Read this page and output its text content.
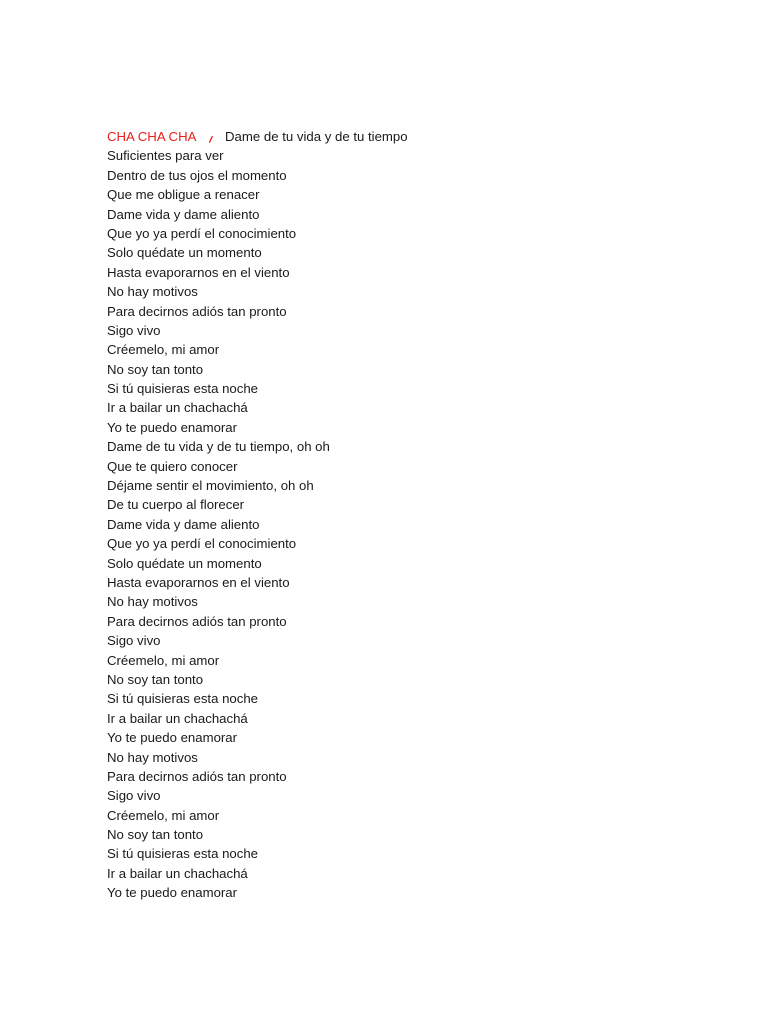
CHA CHA CHA ⸝ Dame de tu vida y de tu tiempo
Suficientes para ver
Dentro de tus ojos el momento
Que me obligue a renacer
Dame vida y dame aliento
Que yo ya perdí el conocimiento
Solo quédate un momento
Hasta evaporarnos en el viento
No hay motivos
Para decirnos adiós tan pronto
Sigo vivo
Créemelo, mi amor
No soy tan tonto
Si tú quisieras esta noche
Ir a bailar un chachachá
Yo te puedo enamorar
Dame de tu vida y de tu tiempo, oh oh
Que te quiero conocer
Déjame sentir el movimiento, oh oh
De tu cuerpo al florecer
Dame vida y dame aliento
Que yo ya perdí el conocimiento
Solo quédate un momento
Hasta evaporarnos en el viento
No hay motivos
Para decirnos adiós tan pronto
Sigo vivo
Créemelo, mi amor
No soy tan tonto
Si tú quisieras esta noche
Ir a bailar un chachachá
Yo te puedo enamorar
No hay motivos
Para decirnos adiós tan pronto
Sigo vivo
Créemelo, mi amor
No soy tan tonto
Si tú quisieras esta noche
Ir a bailar un chachachá
Yo te puedo enamorar
